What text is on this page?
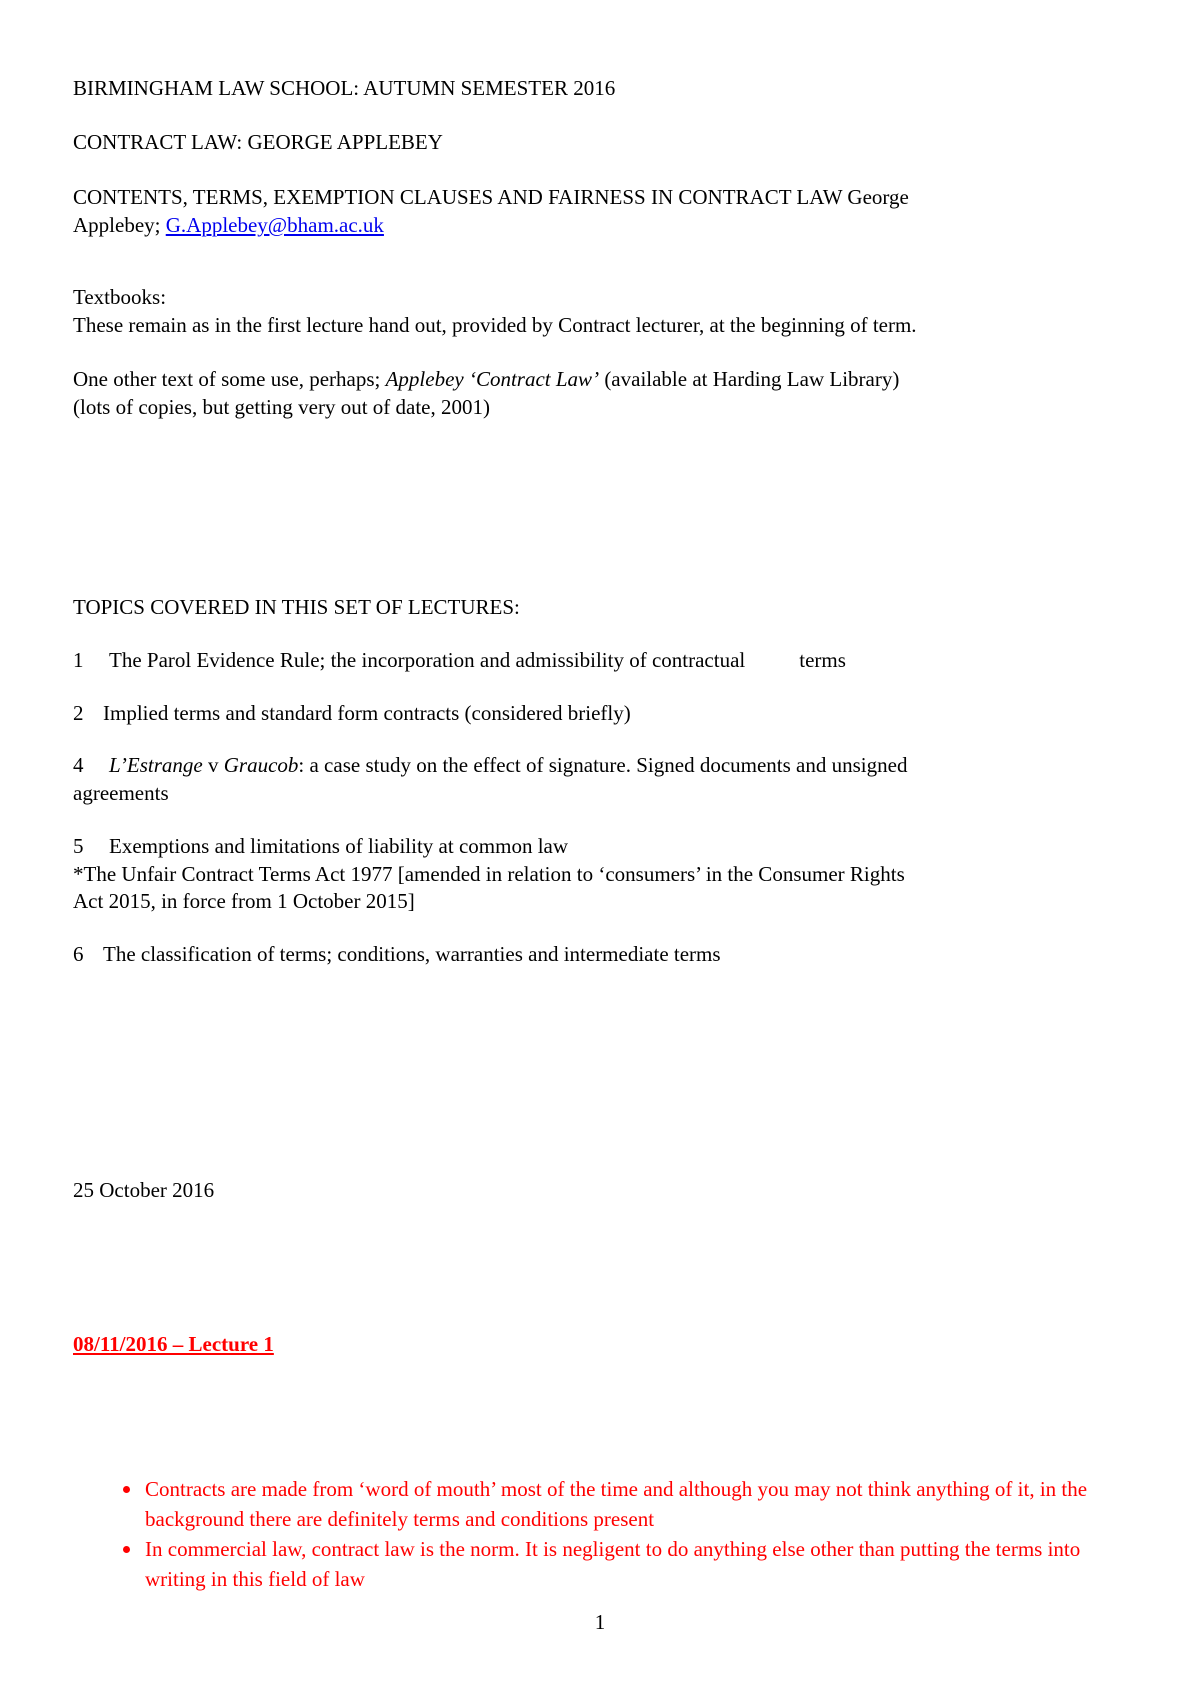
BIRMINGHAM LAW SCHOOL: AUTUMN SEMESTER 2016
CONTRACT LAW: GEORGE APPLEBEY
CONTENTS, TERMS, EXEMPTION CLAUSES AND FAIRNESS IN CONTRACT LAW George
Applebey; G.Applebey@bham.ac.uk
Textbooks:
These remain as in the first lecture hand out, provided by Contract lecturer, at the beginning of term.
One other text of some use, perhaps; Applebey ‘Contract Law’ (available at Harding Law Library)
(lots of copies, but getting very out of date, 2001)
TOPICS COVERED IN THIS SET OF LECTURES:
1 The Parol Evidence Rule; the incorporation and admissibility of contractual	terms
2 Implied terms and standard form contracts (considered briefly)
4 L’Estrange v Graucob: a case study on the effect of signature. Signed documents and unsigned
agreements
5 Exemptions and limitations of liability at common law
*The Unfair Contract Terms Act 1977 [amended in relation to ‘consumers’ in the Consumer Rights
Act 2015, in force from 1 October 2015]
6 The classification of terms; conditions, warranties and intermediate terms
25 October 2016
08/11/2016 – Lecture 1
Contracts are made from ‘word of mouth’ most of the time and although you may not think anything of it, in the background there are definitely terms and conditions present
In commercial law, contract law is the norm. It is negligent to do anything else other than putting the terms into writing in this field of law
1
